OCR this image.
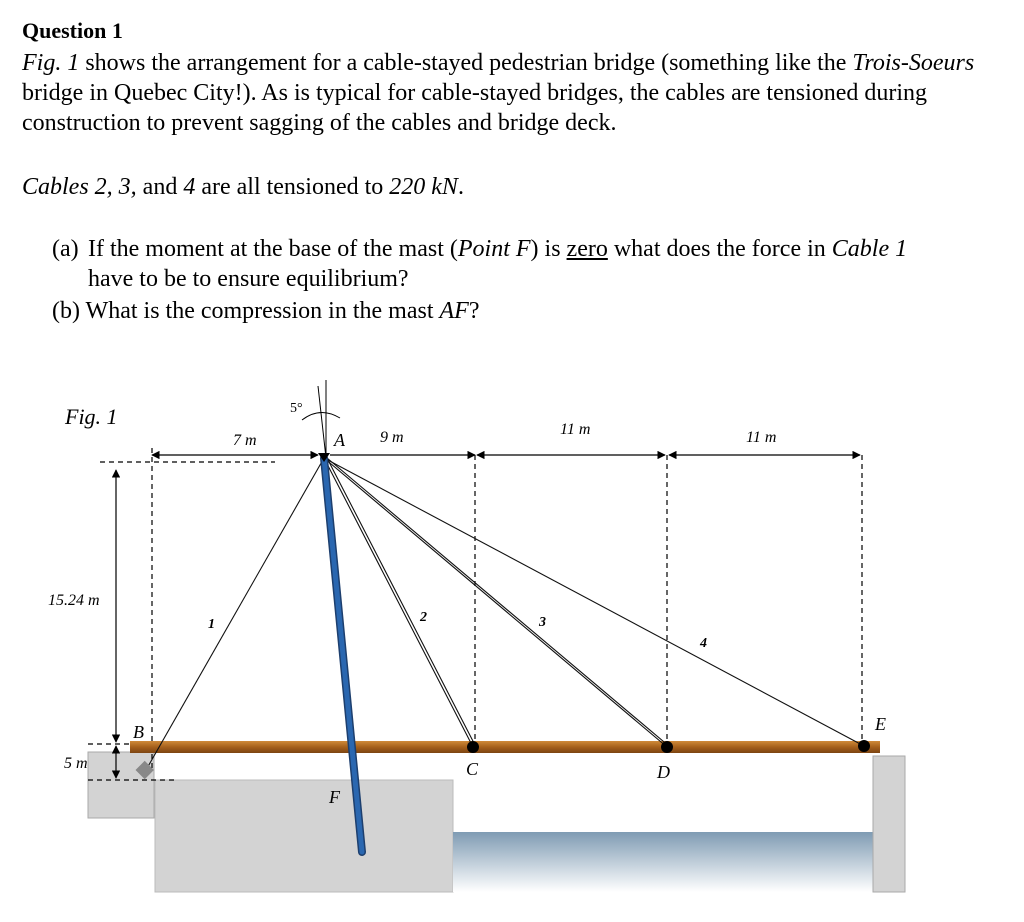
Question 1
Fig. 1 shows the arrangement for a cable-stayed pedestrian bridge (something like the Trois-Soeurs bridge in Quebec City!). As is typical for cable-stayed bridges, the cables are tensioned during construction to prevent sagging of the cables and bridge deck.
Cables 2, 3, and 4 are all tensioned to 220 kN.
(a) If the moment at the base of the mast (Point F) is zero what does the force in Cable 1
have to be to ensure equilibrium?
(b) What is the compression in the mast AF?
Fig. 1	5°
7 m	9 m	11 m	11 m
15.24 m
5 m
1	2	3
4
A
B
C	D
E
F
